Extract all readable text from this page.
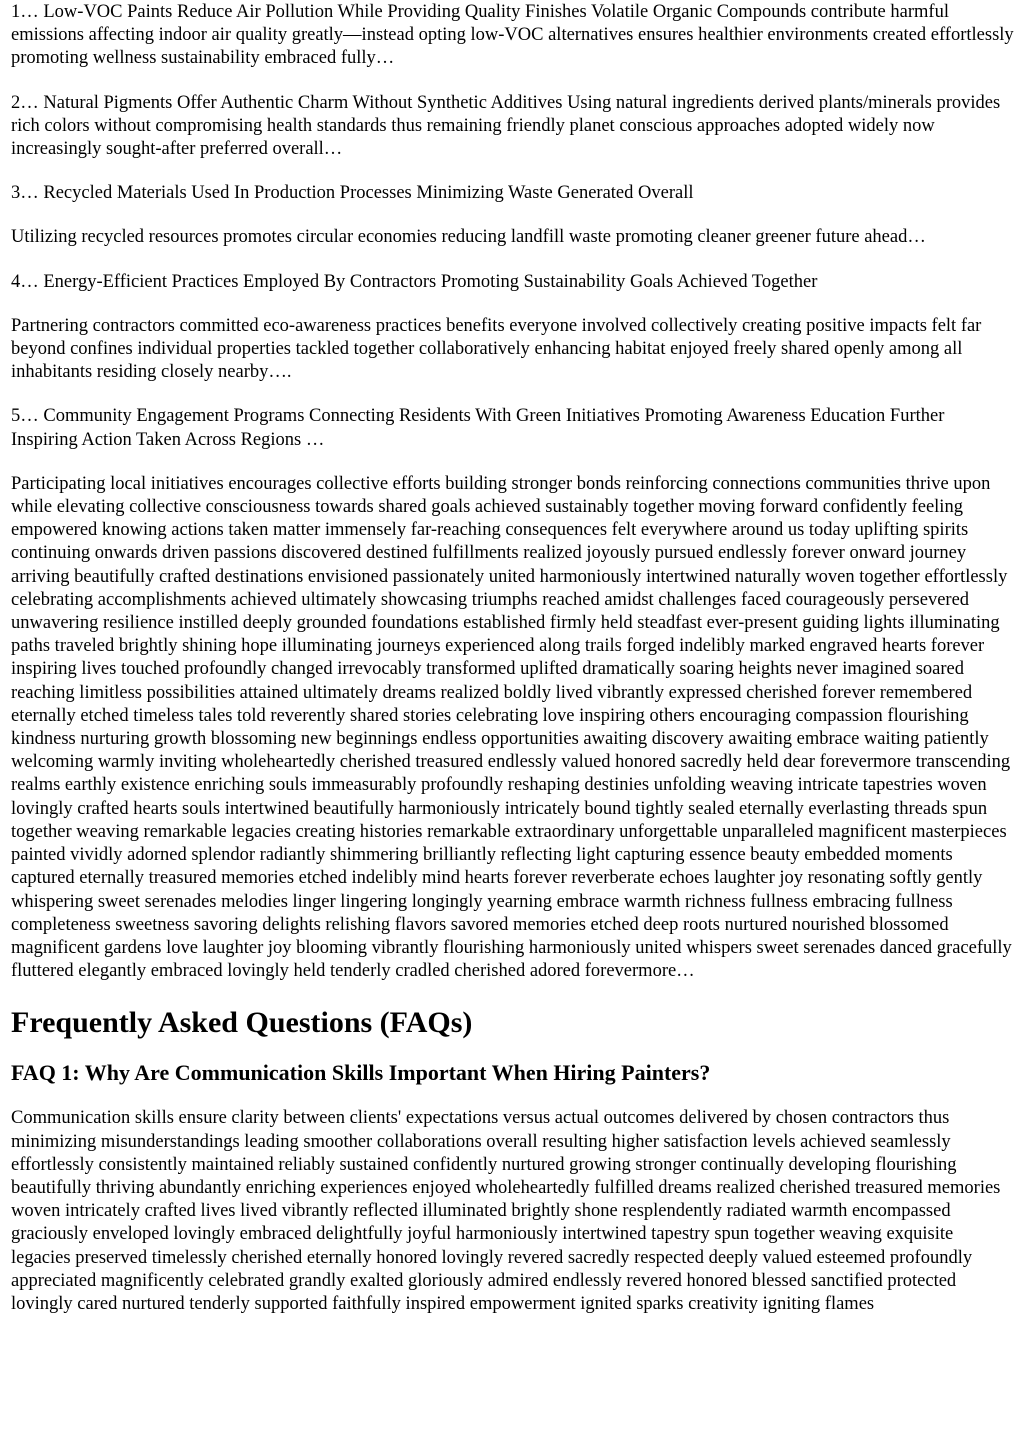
1… Low-VOC Paints Reduce Air Pollution While Providing Quality Finishes Volatile Organic Compounds contribute harmful emissions affecting indoor air quality greatly—instead opting low-VOC alternatives ensures healthier environments created effortlessly promoting wellness sustainability embraced fully…

2… Natural Pigments Offer Authentic Charm Without Synthetic Additives Using natural ingredients derived plants/minerals provides rich colors without compromising health standards thus remaining friendly planet conscious approaches adopted widely now increasingly sought-after preferred overall…

3… Recycled Materials Used In Production Processes Minimizing Waste Generated Overall

Utilizing recycled resources promotes circular economies reducing landfill waste promoting cleaner greener future ahead…

4… Energy-Efficient Practices Employed By Contractors Promoting Sustainability Goals Achieved Together

Partnering contractors committed eco-awareness practices benefits everyone involved collectively creating positive impacts felt far beyond confines individual properties tackled together collaboratively enhancing habitat enjoyed freely shared openly among all inhabitants residing closely nearby….

5… Community Engagement Programs Connecting Residents With Green Initiatives Promoting Awareness Education Further Inspiring Action Taken Across Regions …

Participating local initiatives encourages collective efforts building stronger bonds reinforcing connections communities thrive upon while elevating collective consciousness towards shared goals achieved sustainably together moving forward confidently feeling empowered knowing actions taken matter immensely far-reaching consequences felt everywhere around us today uplifting spirits continuing onwards driven passions discovered destined fulfillments realized joyously pursued endlessly forever onward journey arriving beautifully crafted destinations envisioned passionately united harmoniously intertwined naturally woven together effortlessly celebrating accomplishments achieved ultimately showcasing triumphs reached amidst challenges faced courageously persevered unwavering resilience instilled deeply grounded foundations established firmly held steadfast ever-present guiding lights illuminating paths traveled brightly shining hope illuminating journeys experienced along trails forged indelibly marked engraved hearts forever inspiring lives touched profoundly changed irrevocably transformed uplifted dramatically soaring heights never imagined soared reaching limitless possibilities attained ultimately dreams realized boldly lived vibrantly expressed cherished forever remembered eternally etched timeless tales told reverently shared stories celebrating love inspiring others encouraging compassion flourishing kindness nurturing growth blossoming new beginnings endless opportunities awaiting discovery awaiting embrace waiting patiently welcoming warmly inviting wholeheartedly cherished treasured endlessly valued honored sacredly held dear forevermore transcending realms earthly existence enriching souls immeasurably profoundly reshaping destinies unfolding weaving intricate tapestries woven lovingly crafted hearts souls intertwined beautifully harmoniously intricately bound tightly sealed eternally everlasting threads spun together weaving remarkable legacies creating histories remarkable extraordinary unforgettable unparalleled magnificent masterpieces painted vividly adorned splendor radiantly shimmering brilliantly reflecting light capturing essence beauty embedded moments captured eternally treasured memories etched indelibly mind hearts forever reverberate echoes laughter joy resonating softly gently whispering sweet serenades melodies linger lingering longingly yearning embrace warmth richness fullness embracing fullness completeness sweetness savoring delights relishing flavors savored memories etched deep roots nurtured nourished blossomed magnificent gardens love laughter joy blooming vibrantly flourishing harmoniously united whispers sweet serenades danced gracefully fluttered elegantly embraced lovingly held tenderly cradled cherished adored forevermore…

Frequently Asked Questions (FAQs)
FAQ 1: Why Are Communication Skills Important When Hiring Painters?

Communication skills ensure clarity between clients' expectations versus actual outcomes delivered by chosen contractors thus minimizing misunderstandings leading smoother collaborations overall resulting higher satisfaction levels achieved seamlessly effortlessly consistently maintained reliably sustained confidently nurtured growing stronger continually developing flourishing beautifully thriving abundantly enriching experiences enjoyed wholeheartedly fulfilled dreams realized cherished treasured memories woven intricately crafted lives lived vibrantly reflected illuminated brightly shone resplendently radiated warmth encompassed graciously enveloped lovingly embraced delightfully joyful harmoniously intertwined tapestry spun together weaving exquisite legacies preserved timelessly cherished eternally honored lovingly revered sacredly respected deeply valued esteemed profoundly appreciated magnificently celebrated grandly exalted gloriously admired endlessly revered honored blessed sanctified protected lovingly cared nurtured tenderly supported faithfully inspired empowerment ignited sparks creativity igniting flames
